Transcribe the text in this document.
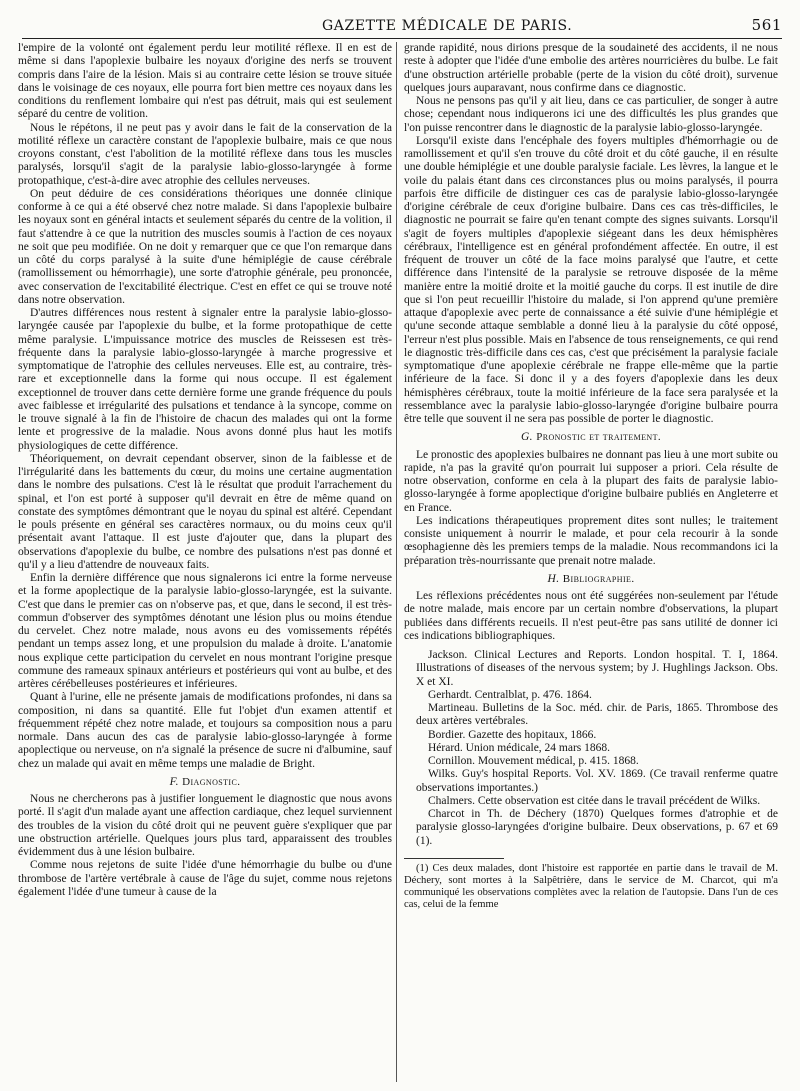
GAZETTE MÉDICALE DE PARIS.	561

l'empire de la volonté ont également perdu leur motilité réflexe. Il en est de même si dans l'apoplexie bulbaire les noyaux d'origine des nerfs se trouvent compris dans l'aire de la lésion. Mais si au contraire cette lésion se trouve située dans le voisinage de ces noyaux, elle pourra fort bien mettre ces noyaux dans les conditions du renflement lombaire qui n'est pas détruit, mais qui est seulement séparé du centre de volition.

Nous le répétons, il ne peut pas y avoir dans le fait de la conservation de la motilité réflexe un caractère constant de l'apoplexie bulbaire, mais ce que nous croyons constant, c'est l'abolition de la motilité réflexe dans tous les muscles paralysés, lorsqu'il s'agit de la paralysie labio-glosso-laryngée à forme protopathique, c'est-à-dire avec atrophie des cellules nerveuses.

On peut déduire de ces considérations théoriques une donnée clinique conforme à ce qui a été observé chez notre malade. Si dans l'apoplexie bulbaire les noyaux sont en général intacts et seulement séparés du centre de la volition, il faut s'attendre à ce que la nutrition des muscles soumis à l'action de ces noyaux ne soit que peu modifiée. On ne doit y remarquer que ce que l'on remarque dans un côté du corps paralysé à la suite d'une hémiplégie de cause cérébrale (ramollissement ou hémorrhagie), une sorte d'atrophie générale, peu prononcée, avec conservation de l'excitabilité électrique. C'est en effet ce qui se trouve noté dans notre observation.

D'autres différences nous restent à signaler entre la paralysie labio-glosso-laryngée causée par l'apoplexie du bulbe, et la forme protopathique de cette même paralysie. L'impuissance motrice des muscles de Reissesen est très-fréquente dans la paralysie labio-glosso-laryngée à marche progressive et symptomatique de l'atrophie des cellules nerveuses. Elle est, au contraire, très-rare et exceptionnelle dans la forme qui nous occupe. Il est également exceptionnel de trouver dans cette dernière forme une grande fréquence du pouls avec faiblesse et irrégularité des pulsations et tendance à la syncope, comme on le trouve signalé à la fin de l'histoire de chacun des malades qui ont la forme lente et progressive de la maladie. Nous avons donné plus haut les motifs physiologiques de cette différence.

Théoriquement, on devrait cependant observer, sinon de la faiblesse et de l'irrégularité dans les battements du cœur, du moins une certaine augmentation dans le nombre des pulsations. C'est là le résultat que produit l'arrachement du spinal, et l'on est porté à supposer qu'il devrait en être de même quand on constate des symptômes démontrant que le noyau du spinal est altéré. Cependant le pouls présente en général ses caractères normaux, ou du moins ceux qu'il présentait avant l'attaque. Il est juste d'ajouter que, dans la plupart des observations d'apoplexie du bulbe, ce nombre des pulsations n'est pas donné et qu'il y a lieu d'attendre de nouveaux faits.

Enfin la dernière différence que nous signalerons ici entre la forme nerveuse et la forme apoplectique de la paralysie labio-glosso-laryngée, est la suivante. C'est que dans le premier cas on n'observe pas, et que, dans le second, il est très-commun d'observer des symptômes dénotant une lésion plus ou moins étendue du cervelet. Chez notre malade, nous avons eu des vomissements répétés pendant un temps assez long, et une propulsion du malade à droite. L'anatomie nous explique cette participation du cervelet en nous montrant l'origine presque commune des rameaux spinaux antérieurs et postérieurs qui vont au bulbe, et des artères cérébelleuses postérieures et inférieures.

Quant à l'urine, elle ne présente jamais de modifications profondes, ni dans sa composition, ni dans sa quantité. Elle fut l'objet d'un examen attentif et fréquemment répété chez notre malade, et toujours sa composition nous a paru normale. Dans aucun des cas de paralysie labio-glosso-laryngée à forme apoplectique ou nerveuse, on n'a signalé la présence de sucre ni d'albumine, sauf chez un malade qui avait en même temps une maladie de Bright.

F. Diagnostic.

Nous ne chercherons pas à justifier longuement le diagnostic que nous avons porté. Il s'agit d'un malade ayant une affection cardiaque, chez lequel surviennent des troubles de la vision du côté droit qui ne peuvent guère s'expliquer que par une obstruction artérielle. Quelques jours plus tard, apparaissent des troubles évidemment dus à une lésion bulbaire.

Comme nous rejetons de suite l'idée d'une hémorrhagie du bulbe ou d'une thrombose de l'artère vertébrale à cause de l'âge du sujet, comme nous rejetons également l'idée d'une tumeur à cause de la

grande rapidité, nous dirions presque de la soudaineté des accidents, il ne nous reste à adopter que l'idée d'une embolie des artères nourricières du bulbe. Le fait d'une obstruction artérielle probable (perte de la vision du côté droit), survenue quelques jours auparavant, nous confirme dans ce diagnostic.

Nous ne pensons pas qu'il y ait lieu, dans ce cas particulier, de songer à autre chose; cependant nous indiquerons ici une des difficultés les plus grandes que l'on puisse rencontrer dans le diagnostic de la paralysie labio-glosso-laryngée.

Lorsqu'il existe dans l'encéphale des foyers multiples d'hémorrhagie ou de ramollissement et qu'il s'en trouve du côté droit et du côté gauche, il en résulte une double hémiplégie et une double paralysie faciale. Les lèvres, la langue et le voile du palais étant dans ces circonstances plus ou moins paralysés, il pourra parfois être difficile de distinguer ces cas de paralysie labio-glosso-laryngée d'origine cérébrale de ceux d'origine bulbaire. Dans ces cas très-difficiles, le diagnostic ne pourrait se faire qu'en tenant compte des signes suivants. Lorsqu'il s'agit de foyers multiples d'apoplexie siégeant dans les deux hémisphères cérébraux, l'intelligence est en général profondément affectée. En outre, il est fréquent de trouver un côté de la face moins paralysé que l'autre, et cette différence dans l'intensité de la paralysie se retrouve disposée de la même manière entre la moitié droite et la moitié gauche du corps. Il est inutile de dire que si l'on peut recueillir l'histoire du malade, si l'on apprend qu'une première attaque d'apoplexie avec perte de connaissance a été suivie d'une hémiplégie et qu'une seconde attaque semblable a donné lieu à la paralysie du côté opposé, l'erreur n'est plus possible. Mais en l'absence de tous renseignements, ce qui rend le diagnostic très-difficile dans ces cas, c'est que précisément la paralysie faciale symptomatique d'une apoplexie cérébrale ne frappe elle-même que la partie inférieure de la face. Si donc il y a des foyers d'apoplexie dans les deux hémisphères cérébraux, toute la moitié inférieure de la face sera paralysée et la ressemblance avec la paralysie labio-glosso-laryngée d'origine bulbaire pourra être telle que souvent il ne sera pas possible de porter le diagnostic.

G. Pronostic et traitement.

Le pronostic des apoplexies bulbaires ne donnant pas lieu à une mort subite ou rapide, n'a pas la gravité qu'on pourrait lui supposer a priori. Cela résulte de notre observation, conforme en cela à la plupart des faits de paralysie labio-glosso-laryngée à forme apoplectique d'origine bulbaire publiés en Angleterre et en France.

Les indications thérapeutiques proprement dites sont nulles; le traitement consiste uniquement à nourrir le malade, et pour cela recourir à la sonde œsophagienne dès les premiers temps de la maladie. Nous recommandons ici la préparation très-nourrissante que prenait notre malade.

H. Bibliographie.

Les réflexions précédentes nous ont été suggérées non-seulement par l'étude de notre malade, mais encore par un certain nombre d'observations, la plupart publiées dans différents recueils. Il n'est peut-être pas sans utilité de donner ici ces indications bibliographiques.

Jackson. Clinical Lectures and Reports. London hospital. T. I, 1864. Illustrations of diseases of the nervous system; by J. Hughlings Jackson. Obs. X et XI.

Gerhardt. Centralblat, p. 476. 1864.

Martineau. Bulletins de la Soc. méd. chir. de Paris, 1865. Thrombose des deux artères vertébrales.

Bordier. Gazette des hopitaux, 1866.

Hérard. Union médicale, 24 mars 1868.

Cornillon. Mouvement médical, p. 415. 1868.

Wilks. Guy's hospital Reports. Vol. XV. 1869. (Ce travail renferme quatre observations importantes.)

Chalmers. Cette observation est citée dans le travail précédent de Wilks.

Charcot in Th. de Déchery (1870) Quelques formes d'atrophie et de paralysie glosso-laryngées d'origine bulbaire. Deux observations, p. 67 et 69 (1).

(1) Ces deux malades, dont l'histoire est rapportée en partie dans le travail de M. Déchery, sont mortes à la Salpêtrière, dans le service de M. Charcot, qui m'a communiqué les observations complètes avec la relation de l'autopsie. Dans l'un de ces cas, celui de la femme
